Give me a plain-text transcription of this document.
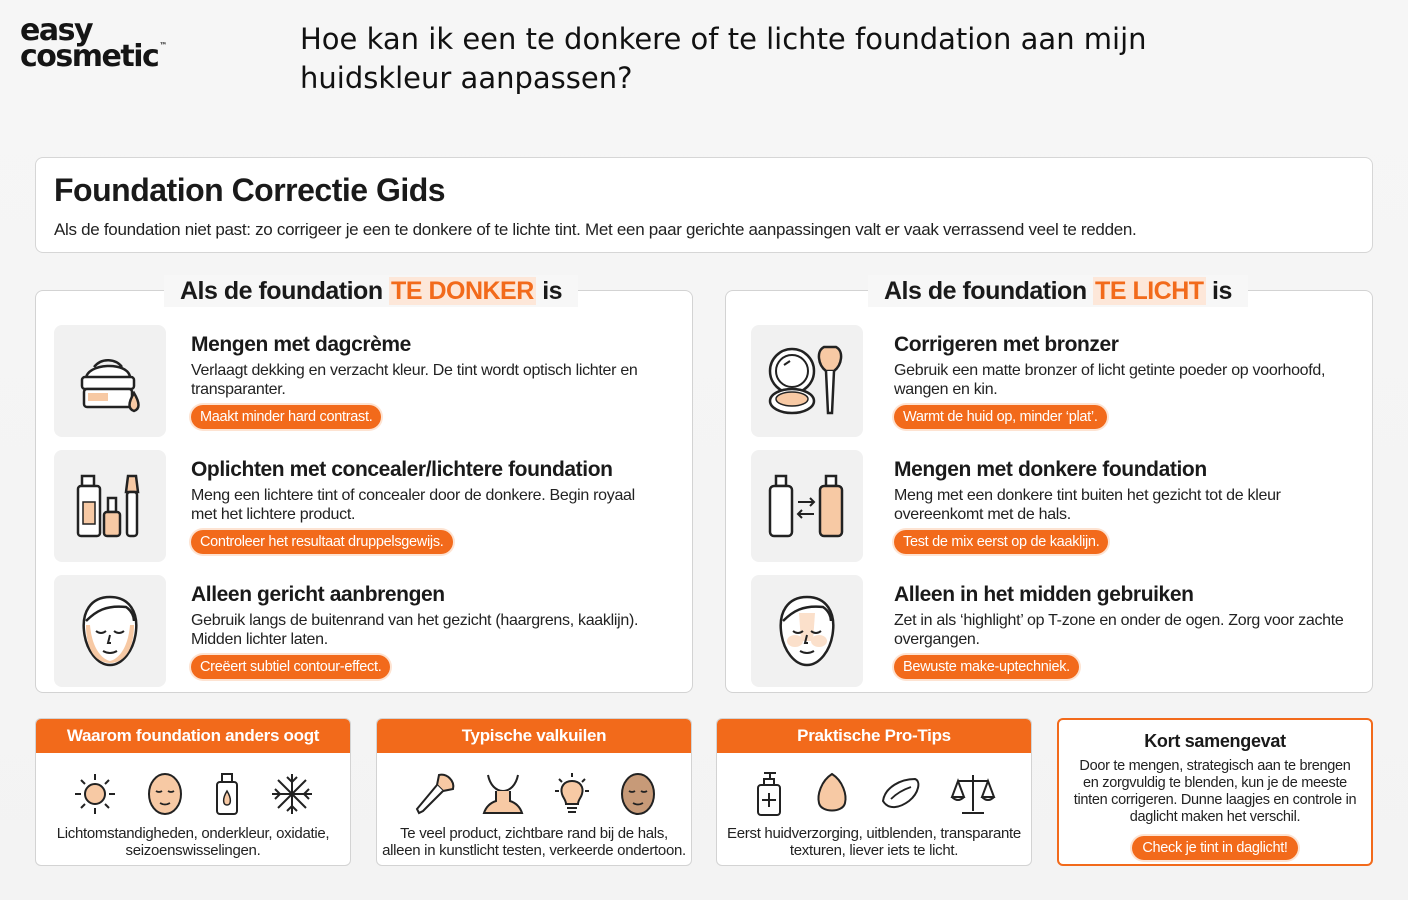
easy
cosmetic™	Hoe kan ik een te donkere of te lichte foundation aan mijn huidskleur aanpassen?
Foundation Correctie Gids
Als de foundation niet past: zo corrigeer je een te donkere of te lichte tint. Met een paar gerichte aanpassingen valt er vaak verrassend veel te redden.
Als de foundation TE DONKER is
Mengen met dagcrème
Verlaagt dekking en verzacht kleur. De tint wordt optisch lichter en transparanter.
Maakt minder hard contrast.
Oplichten met concealer/lichtere foundation
Meng een lichtere tint of concealer door de donkere. Begin royaal met het lichtere product.
Controleer het resultaat druppelsgewijs.
Alleen gericht aanbrengen
Gebruik langs de buitenrand van het gezicht (haargrens, kaaklijn). Midden lichter laten.
Creëert subtiel contour-effect.
Als de foundation TE LICHT is
Corrigeren met bronzer
Gebruik een matte bronzer of licht getinte poeder op voorhoofd, wangen en kin.
Warmt de huid op, minder ‘plat’.
Mengen met donkere foundation
Meng met een donkere tint buiten het gezicht tot de kleur overeenkomt met de hals.
Test de mix eerst op de kaaklijn.
Alleen in het midden gebruiken
Zet in als ‘highlight’ op T-zone en onder de ogen. Zorg voor zachte overgangen.
Bewuste make-uptechniek.
Waarom foundation anders oogt
Lichtomstandigheden, onderkleur, oxidatie, seizoenswisselingen.
Typische valkuilen
Te veel product, zichtbare rand bij de hals, alleen in kunstlicht testen, verkeerde ondertoon.
Praktische Pro-Tips
Eerst huidverzorging, uitblenden, transparante texturen, liever iets te licht.
Kort samengevat
Door te mengen, strategisch aan te brengen en zorgvuldig te blenden, kun je de meeste tinten corrigeren. Dunne laagjes en controle in daglicht maken het verschil.
Check je tint in daglicht!
